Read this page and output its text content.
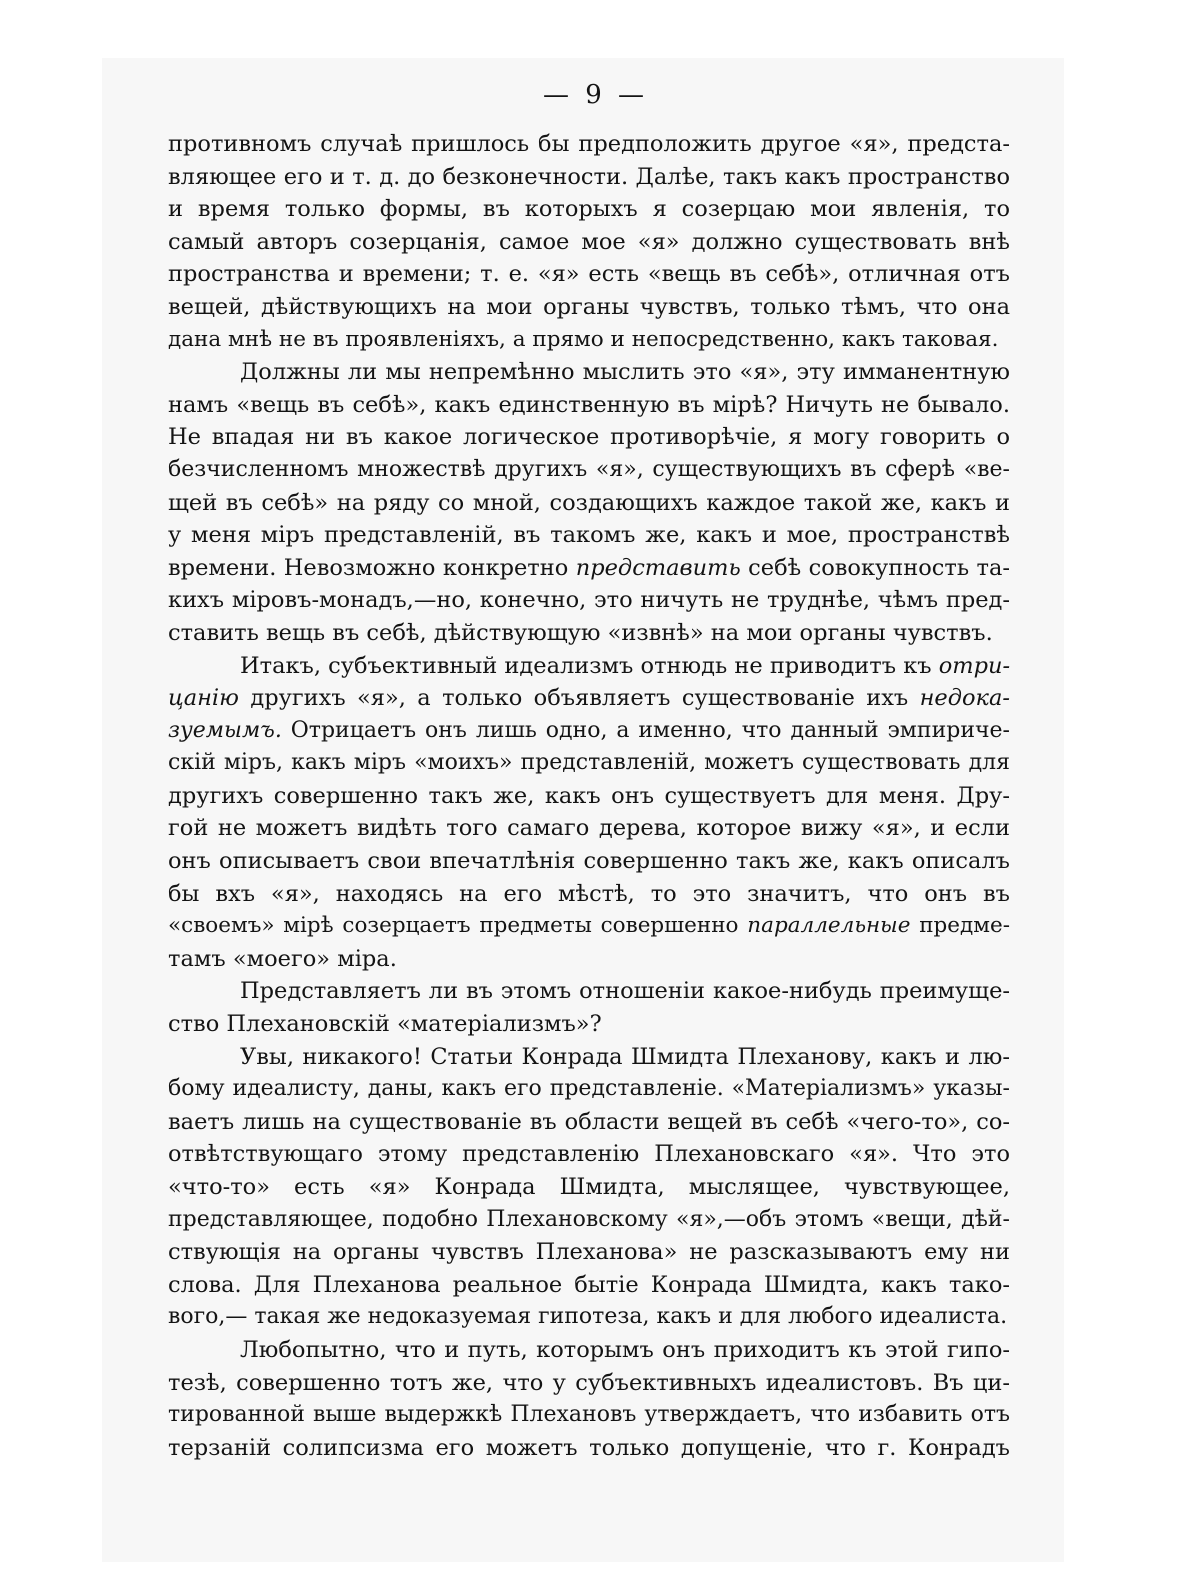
— 9 —
противномъ случаѣ пришлось бы предположить другое «я», предста-
вляющее его и т. д. до безконечности. Далѣе, такъ какъ пространство
и время только формы, въ которыхъ я созерцаю мои явленія, то
самый авторъ созерцанія, самое мое «я» должно существовать внѣ
пространства и времени; т. е. «я» есть «вещь въ себѣ», отличная отъ
вещей, дѣйствующихъ на мои органы чувствъ, только тѣмъ, что она
дана мнѣ не въ проявленіяхъ, а прямо и непосредственно, какъ таковая.
Должны ли мы непремѣнно мыслить это «я», эту имманентную
намъ «вещь въ себѣ», какъ единственную въ мірѣ? Ничуть не бывало.
Не впадая ни въ какое логическое противорѣчіе, я могу говорить о
безчисленномъ множествѣ другихъ «я», существующихъ въ сферѣ «ве-
щей въ себѣ» на ряду со мной, создающихъ каждое такой же, какъ и
у меня міръ представленій, въ такомъ же, какъ и мое, пространствѣ
времени. Невозможно конкретно представить себѣ совокупность та-
кихъ міровъ-монадъ,—но, конечно, это ничуть не труднѣе, чѣмъ пред-
ставить вещь въ себѣ, дѣйствующую «извнѣ» на мои органы чувствъ.
Итакъ, субъективный идеализмъ отнюдь не приводитъ къ отри-
цанію другихъ «я», а только объявляетъ существованіе ихъ недока-
зуемымъ. Отрицаетъ онъ лишь одно, а именно, что данный эмпириче-
скій міръ, какъ міръ «моихъ» представленій, можетъ существовать для
другихъ совершенно такъ же, какъ онъ существуетъ для меня. Дру-
гой не можетъ видѣть того самаго дерева, которое вижу «я», и если
онъ описываетъ свои впечатлѣнія совершенно такъ же, какъ описалъ
бы вхъ «я», находясь на его мѣстѣ, то это значитъ, что онъ въ
«своемъ» мірѣ созерцаетъ предметы совершенно параллельные предме-
тамъ «моего» міра.
Представляетъ ли въ этомъ отношеніи какое-нибудь преимуще-
ство Плехановскій «матеріализмъ»?
Увы, никакого! Статьи Конрада Шмидта Плеханову, какъ и лю-
бому идеалисту, даны, какъ его представленіе. «Матеріализмъ» указы-
ваетъ лишь на существованіе въ области вещей въ себѣ «чего-то», со-
отвѣтствующаго этому представленію Плехановскаго «я». Что это
«что-то» есть «я» Конрада Шмидта, мыслящее, чувствующее,
представляющее, подобно Плехановскому «я»,—объ этомъ «вещи, дѣй-
ствующія на органы чувствъ Плеханова» не разсказываютъ ему ни
слова. Для Плеханова реальное бытіе Конрада Шмидта, какъ тако-
вого,— такая же недоказуемая гипотеза, какъ и для любого идеалиста.
Любопытно, что и путь, которымъ онъ приходитъ къ этой гипо-
тезѣ, совершенно тотъ же, что у субъективныхъ идеалистовъ. Въ ци-
тированной выше выдержкѣ Плехановъ утверждаетъ, что избавить отъ
терзаній солипсизма его можетъ только допущеніе, что г. Конрадъ
